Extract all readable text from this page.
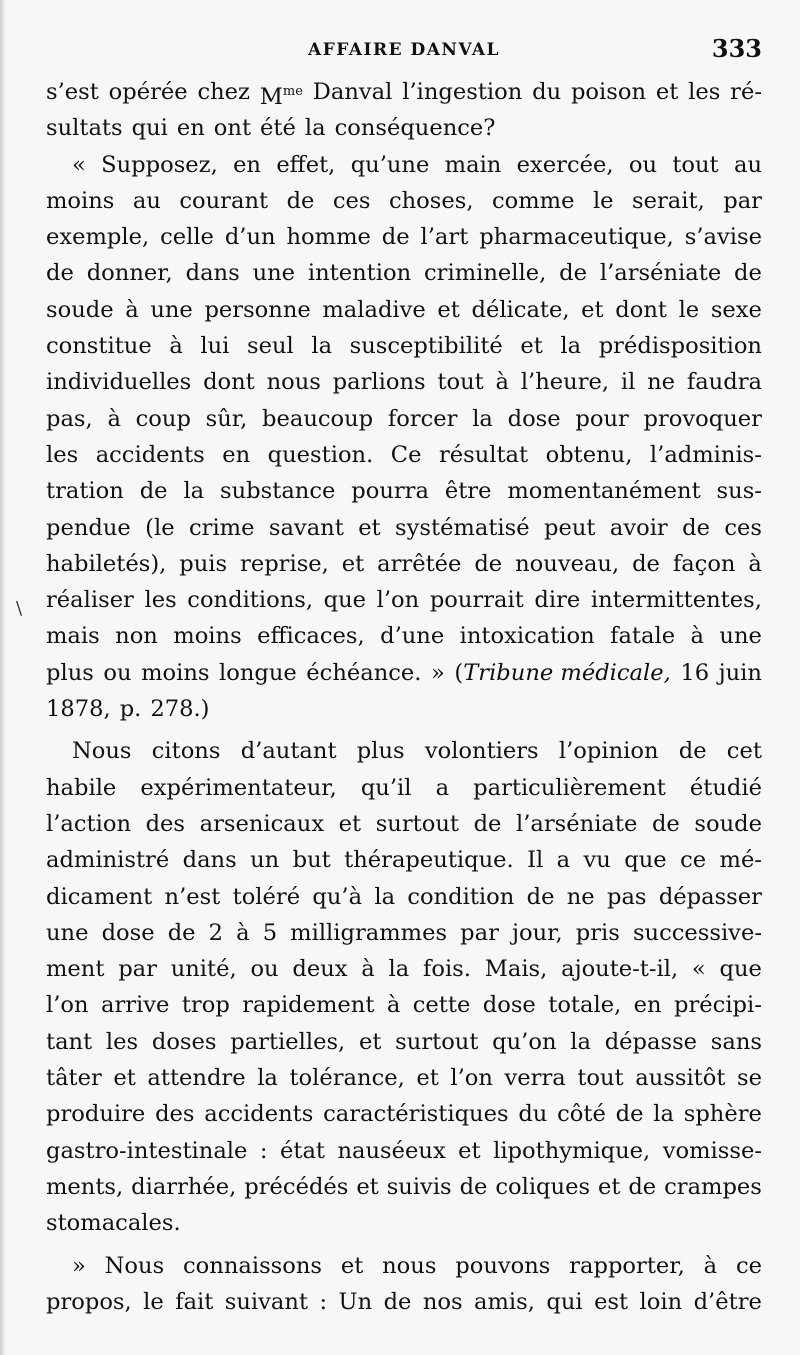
AFFAIRE DANVAL	333
\
s’est opérée chez $M^{me}$ Danval l’ingestion du poison et les ré-
sultats qui en ont été la conséquence?
« Supposez, en effet, qu’une main exercée, ou tout au
moins au courant de ces choses, comme le serait, par
exemple, celle d’un homme de l’art pharmaceutique, s’avise
de donner, dans une intention criminelle, de l’arséniate de
soude à une personne maladive et délicate, et dont le sexe
constitue à lui seul la susceptibilité et la prédisposition
individuelles dont nous parlions tout à l’heure, il ne faudra
pas, à coup sûr, beaucoup forcer la dose pour provoquer
les accidents en question. Ce résultat obtenu, l’adminis-
tration de la substance pourra être momentanément sus-
pendue (le crime savant et systématisé peut avoir de ces
habiletés), puis reprise, et arrêtée de nouveau, de façon à
réaliser les conditions, que l’on pourrait dire intermittentes,
mais non moins efficaces, d’une intoxication fatale à une
plus ou moins longue échéance. » (Tribune médicale, 16 juin
1878, p. 278.)
Nous citons d’autant plus volontiers l’opinion de cet
habile expérimentateur, qu’il a particulièrement étudié
l’action des arsenicaux et surtout de l’arséniate de soude
administré dans un but thérapeutique. Il a vu que ce mé-
dicament n’est toléré qu’à la condition de ne pas dépasser
une dose de 2 à 5 milligrammes par jour, pris successive-
ment par unité, ou deux à la fois. Mais, ajoute-t-il, « que
l’on arrive trop rapidement à cette dose totale, en précipi-
tant les doses partielles, et surtout qu’on la dépasse sans
tâter et attendre la tolérance, et l’on verra tout aussitôt se
produire des accidents caractéristiques du côté de la sphère
gastro-intestinale : état nauséeux et lipothymique, vomisse-
ments, diarrhée, précédés et suivis de coliques et de crampes
stomacales.
» Nous connaissons et nous pouvons rapporter, à ce
propos, le fait suivant : Un de nos amis, qui est loin d’être
